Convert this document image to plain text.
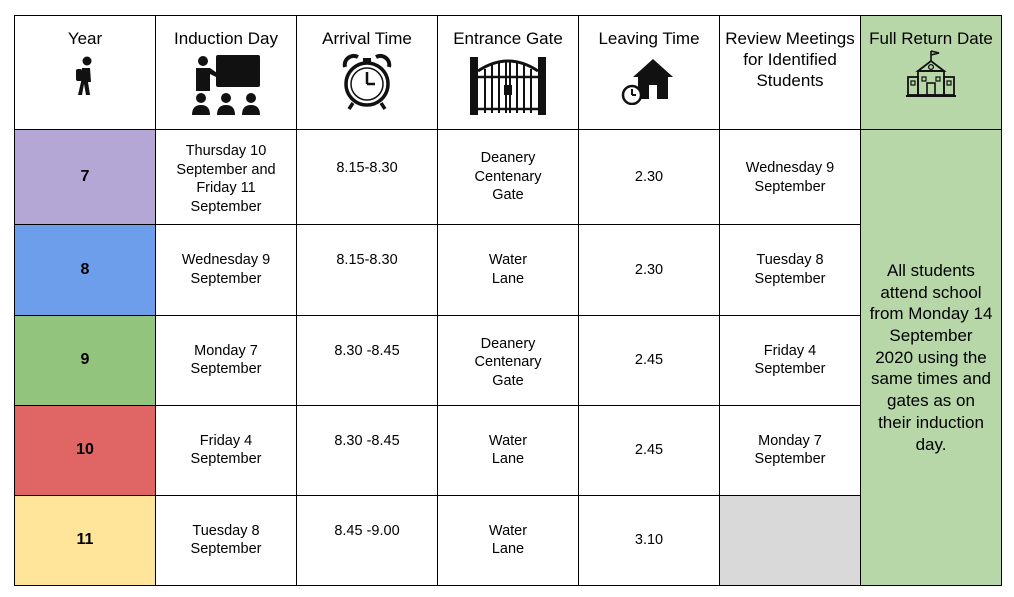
Year	Induction Day	Arrival Time	Entrance Gate	Leaving Time	Review Meetings for Identified Students	Full Return Date

7	Thursday 10 September and Friday 11 September	8.15-8.30	Deanery Centenary Gate	2.30	Wednesday 9 September	All students attend school from Monday 14 September 2020 using the same times and gates as on their induction day.

8	Wednesday 9 September	8.15-8.30	Water Lane	2.30	Tuesday 8 September	

9	Monday 7 September	8.30 -8.45	Deanery Centenary Gate	2.45	Friday 4 September	

10	Friday 4 September	8.30 -8.45	Water Lane	2.45	Monday 7 September	

11	Tuesday 8 September	8.45 -9.00	Water Lane	3.10		
